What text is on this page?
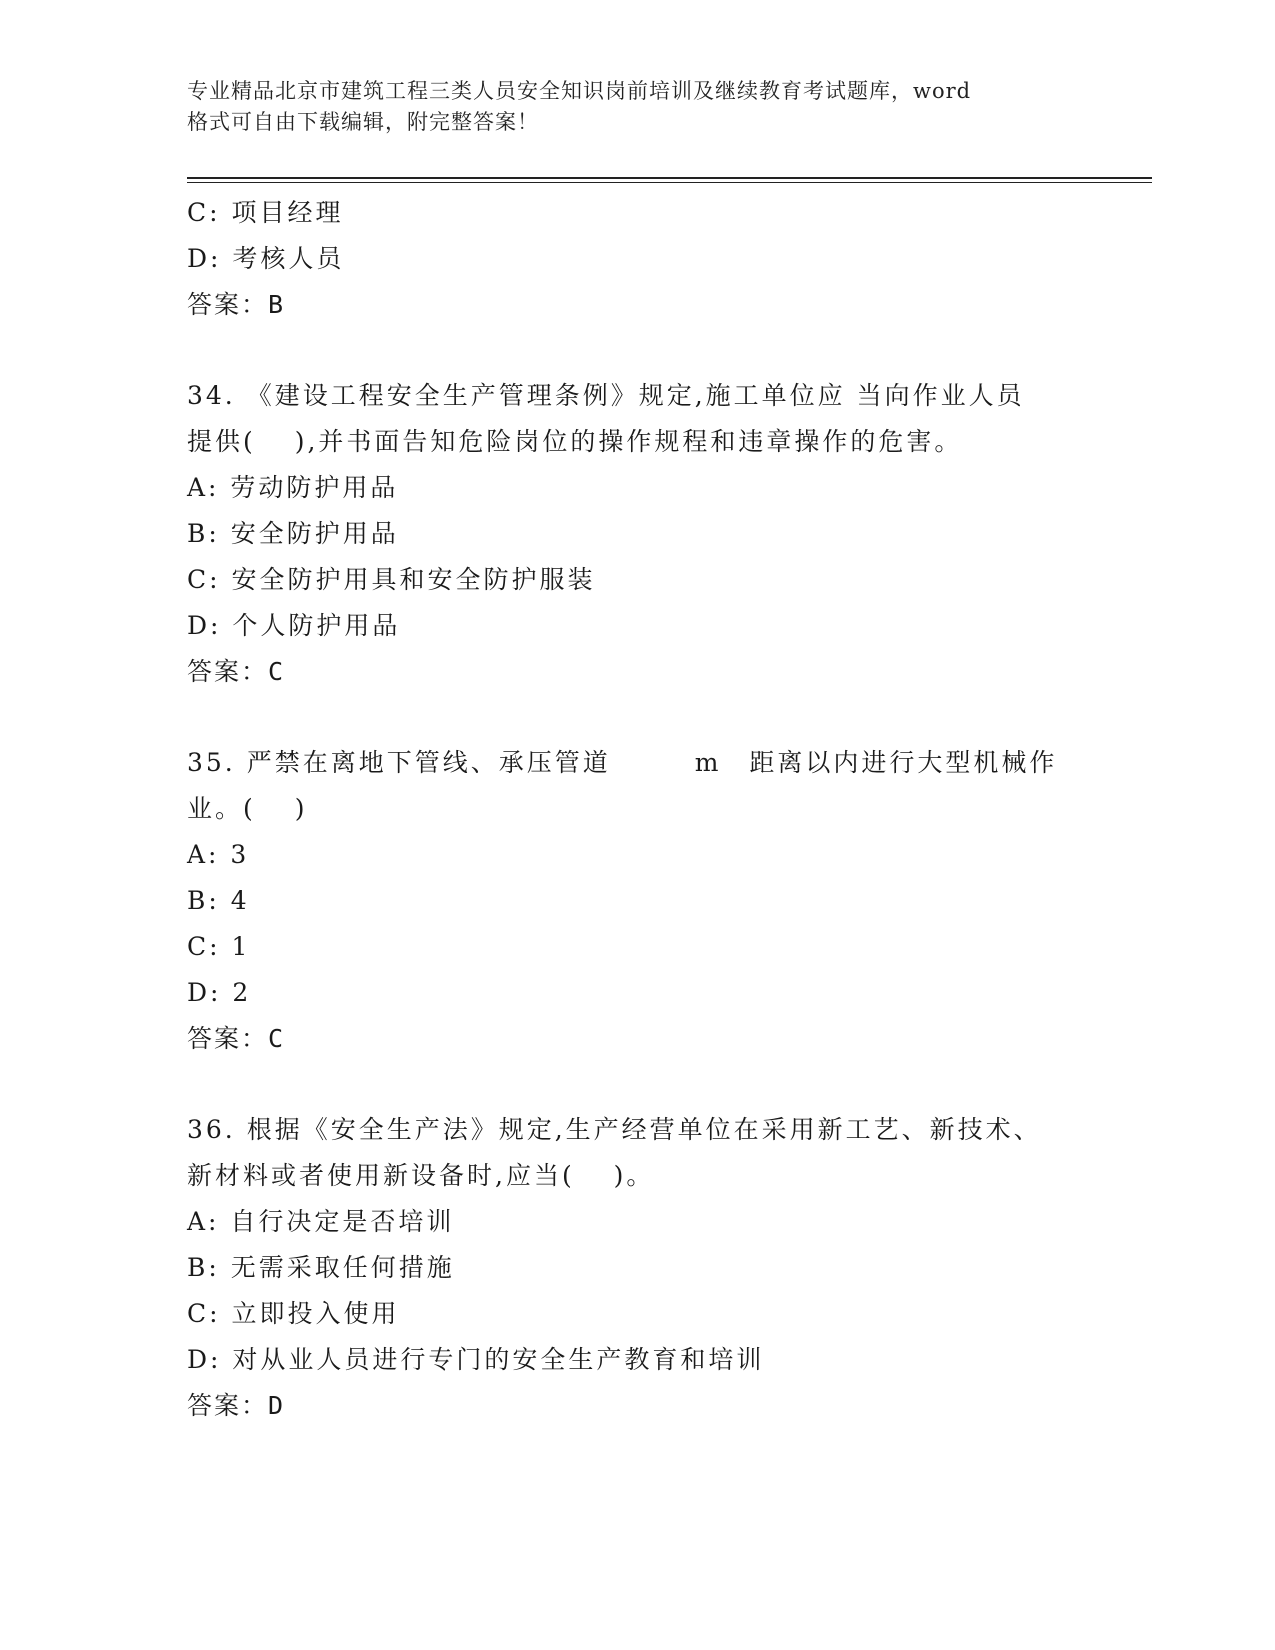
专业精品北京市建筑工程三类人员安全知识岗前培训及继续教育考试题库，word
格式可自由下载编辑，附完整答案！
C: 项目经理
D: 考核人员
答案：B
34. 《建设工程安全生产管理条例》规定,施工单位应 当向作业人员
提供(　 ),并书面告知危险岗位的操作规程和违章操作的危害。
A: 劳动防护用品
B: 安全防护用品
C: 安全防护用具和安全防护服装
D: 个人防护用品
答案：C
35. 严禁在离地下管线、承压管道　　　m　距离以内进行大型机械作
业。(　 )
A: 3
B: 4
C: 1
D: 2
答案：C
36. 根据《安全生产法》规定,生产经营单位在采用新工艺、新技术、
新材料或者使用新设备时,应当(　 )。
A: 自行决定是否培训
B: 无需采取任何措施
C: 立即投入使用
D: 对从业人员进行专门的安全生产教育和培训
答案：D
